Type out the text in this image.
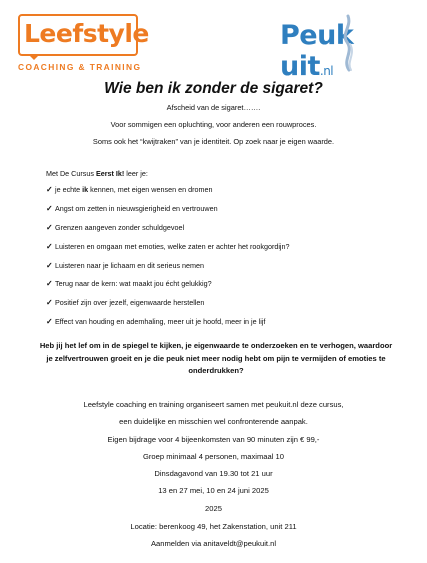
Leefstyle
COACHING & TRAINING
Peukuit.nl
Wie ben ik zonder de sigaret?

Afscheid van de sigaret…….

Voor sommigen een opluchting, voor anderen een rouwproces.

Soms ook het “kwijtraken” van je identiteit. Op zoek naar je eigen waarde.

Met De Cursus Eerst Ik! leer je:

✓ je echte ik kennen, met eigen wensen en dromen
✓ Angst om zetten in nieuwsgierigheid en vertrouwen
✓ Grenzen aangeven zonder schuldgevoel
✓ Luisteren en omgaan met emoties, welke zaten er achter het rookgordijn?
✓ Luisteren naar je lichaam en dit serieus nemen
✓ Terug naar de kern: wat maakt jou écht gelukkig?
✓ Positief zijn over jezelf, eigenwaarde herstellen
✓ Effect van houding en ademhaling, meer uit je hoofd, meer in je lijf

Heb jij het lef om in de spiegel te kijken, je eigenwaarde te onderzoeken en te verhogen, waardoor je zelfvertrouwen groeit en je die peuk niet meer nodig hebt om pijn te vermijden of emoties te onderdrukken?

Leefstyle coaching en training organiseert samen met peukuit.nl deze cursus,

een duidelijke en misschien wel confronterende aanpak.

Eigen bijdrage voor 4 bijeenkomsten van 90 minuten zijn € 99,-

Groep minimaal 4 personen, maximaal 10

Dinsdagavond van 19.30 tot 21 uur

13 en 27 mei, 10 en 24 juni 2025

2025

Locatie: berenkoog 49, het Zakenstation, unit 211

Aanmelden via anitaveldt@peukuit.nl
